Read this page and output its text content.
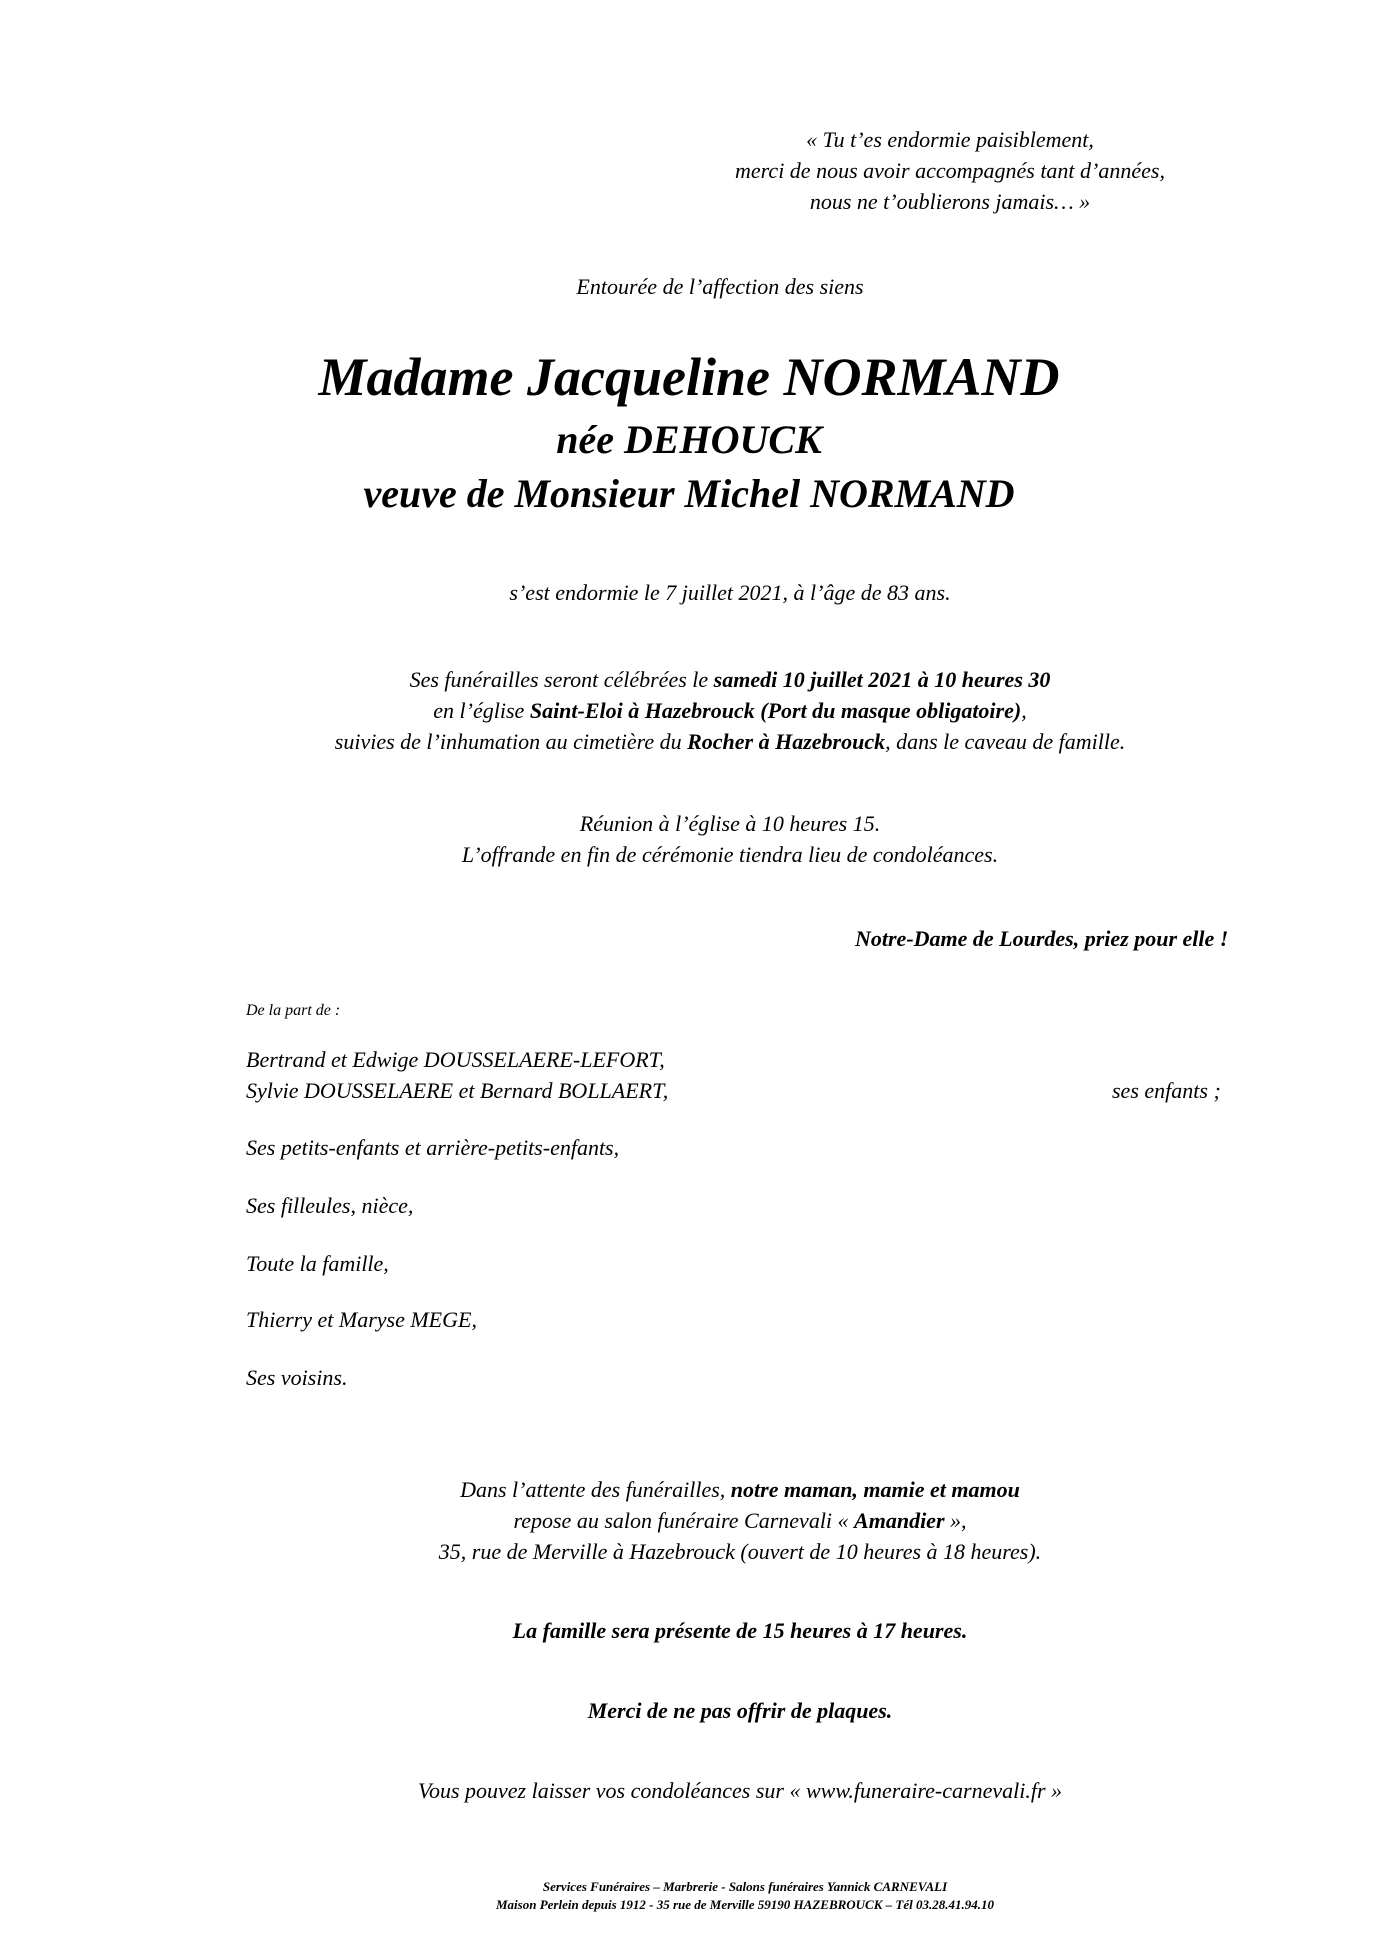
« Tu t’es endormie paisiblement,
merci de nous avoir accompagnés tant d’années,
nous ne t’oublierons jamais… »
Entourée de l’affection des siens
Madame Jacqueline NORMAND
née DEHOUCK
veuve de Monsieur Michel NORMAND
s’est endormie le 7 juillet 2021, à l’âge de 83 ans.
Ses funérailles seront célébrées le samedi 10 juillet 2021 à 10 heures 30
en l’église Saint-Eloi à Hazebrouck (Port du masque obligatoire),
suivies de l’inhumation au cimetière du Rocher à Hazebrouck, dans le caveau de famille.
Réunion à l’église à 10 heures 15.
L’offrande en fin de cérémonie tiendra lieu de condoléances.
Notre-Dame de Lourdes, priez pour elle !
De la part de :
Bertrand et Edwige DOUSSELAERE-LEFORT,
Sylvie DOUSSELAERE et Bernard BOLLAERT,	ses enfants ;
Ses petits-enfants et arrière-petits-enfants,
Ses filleules, nièce,
Toute la famille,
Thierry et Maryse MEGE,
Ses voisins.
Dans l’attente des funérailles, notre maman, mamie et mamou
repose au salon funéraire Carnevali « Amandier »,
35, rue de Merville à Hazebrouck (ouvert de 10 heures à 18 heures).
La famille sera présente de 15 heures à 17 heures.
Merci de ne pas offrir de plaques.
Vous pouvez laisser vos condoléances sur « www.funeraire-carnevali.fr »
Services Funéraires – Marbrerie - Salons funéraires Yannick CARNEVALI
Maison Perlein depuis 1912 - 35 rue de Merville 59190 HAZEBROUCK – Tél 03.28.41.94.10
